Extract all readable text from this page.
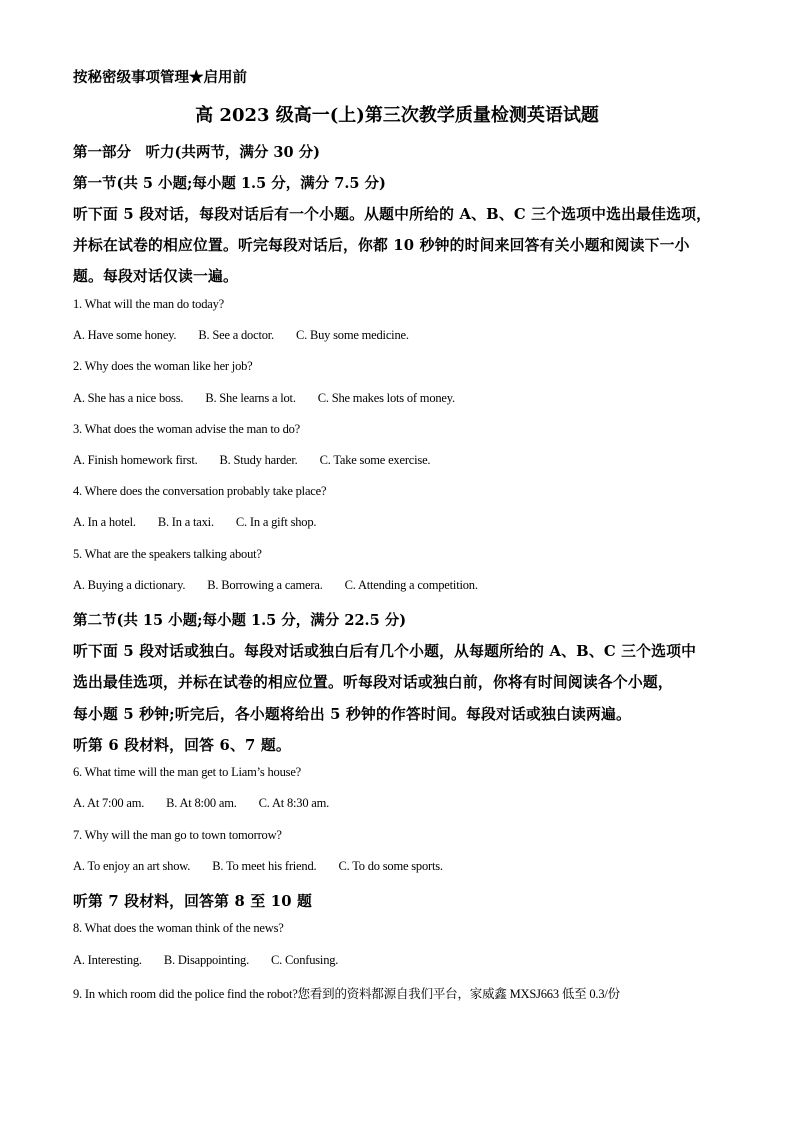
按秘密级事项管理★启用前
高 2023 级高一(上)第三次教学质量检测英语试题
第一部分　听力(共两节，满分 30 分)
第一节(共 5 小题;每小题 1.5 分，满分 7.5 分)
听下面 5 段对话，每段对话后有一个小题。从题中所给的 A、B、C 三个选项中选出最佳选项，
并标在试卷的相应位置。听完每段对话后，你都 10 秒钟的时间来回答有关小题和阅读下一小
题。每段对话仅读一遍。
1. What will the man do today?
A. Have some honey. B. See a doctor. C. Buy some medicine.
2. Why does the woman like her job?
A. She has a nice boss. B. She learns a lot. C. She makes lots of money.
3. What does the woman advise the man to do?
A. Finish homework first. B. Study harder. C. Take some exercise.
4. Where does the conversation probably take place?
A. In a hotel. B. In a taxi. C. In a gift shop.
5. What are the speakers talking about?
A. Buying a dictionary. B. Borrowing a camera. C. Attending a competition.
第二节(共 15 小题;每小题 1.5 分，满分 22.5 分)
听下面 5 段对话或独白。每段对话或独白后有几个小题，从每题所给的 A、B、C 三个选项中
选出最佳选项，并标在试卷的相应位置。听每段对话或独白前，你将有时间阅读各个小题，
每小题 5 秒钟;听完后，各小题将给出 5 秒钟的作答时间。每段对话或独白读两遍。
听第 6 段材料，回答 6、7 题。
6. What time will the man get to Liam’s house?
A. At 7:00 am. B. At 8:00 am. C. At 8:30 am.
7. Why will the man go to town tomorrow?
A. To enjoy an art show. B. To meet his friend. C. To do some sports.
听第 7 段材料，回答第 8 至 10 题
8. What does the woman think of the news?
A. Interesting. B. Disappointing. C. Confusing.
9. In which room did the police find the robot?您看到的资料都源自我们平台，家威鑫 MXSJ663 低至 0.3/份
